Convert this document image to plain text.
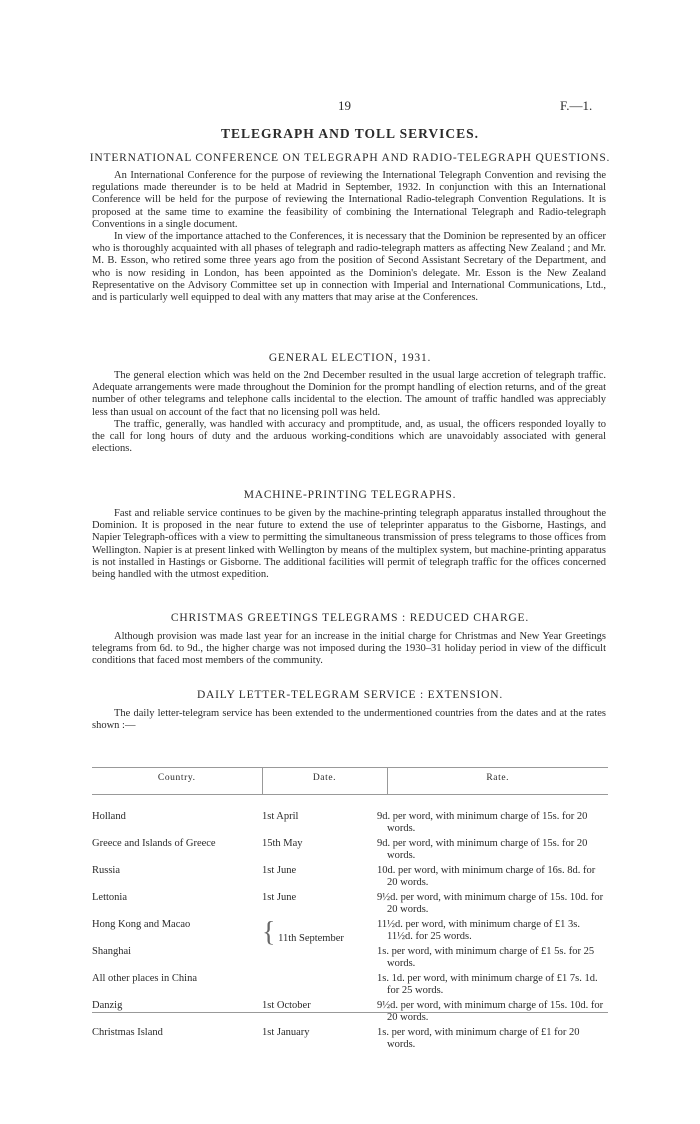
19	F.—1.
TELEGRAPH AND TOLL SERVICES.
INTERNATIONAL CONFERENCE ON TELEGRAPH AND RADIO-TELEGRAPH QUESTIONS.

An International Conference for the purpose of reviewing the International Telegraph Convention and revising the regulations made thereunder is to be held at Madrid in September, 1932. In conjunction with this an International Conference will be held for the purpose of reviewing the International Radio-telegraph Convention Regulations. It is proposed at the same time to examine the feasibility of combining the International Telegraph and Radio-telegraph Conventions in a single document.

In view of the importance attached to the Conferences, it is necessary that the Dominion be represented by an officer who is thoroughly acquainted with all phases of telegraph and radio-telegraph matters as affecting New Zealand ; and Mr. M. B. Esson, who retired some three years ago from the position of Second Assistant Secretary of the Department, and who is now residing in London, has been appointed as the Dominion's delegate. Mr. Esson is the New Zealand Representative on the Advisory Committee set up in connection with Imperial and International Communications, Ltd., and is particularly well equipped to deal with any matters that may arise at the Conferences.

GENERAL ELECTION, 1931.

The general election which was held on the 2nd December resulted in the usual large accretion of telegraph traffic. Adequate arrangements were made throughout the Dominion for the prompt handling of election returns, and of the great number of other telegrams and telephone calls incidental to the election. The amount of traffic handled was appreciably less than usual on account of the fact that no licensing poll was held.

The traffic, generally, was handled with accuracy and promptitude, and, as usual, the officers responded loyally to the call for long hours of duty and the arduous working-conditions which are unavoidably associated with general elections.

MACHINE-PRINTING TELEGRAPHS.

Fast and reliable service continues to be given by the machine-printing telegraph apparatus installed throughout the Dominion. It is proposed in the near future to extend the use of teleprinter apparatus to the Gisborne, Hastings, and Napier Telegraph-offices with a view to permitting the simultaneous transmission of press telegrams to those offices from Wellington. Napier is at present linked with Wellington by means of the multiplex system, but machine-printing apparatus is not installed in Hastings or Gisborne. The additional facilities will permit of telegraph traffic for the offices concerned being handled with the utmost expedition.

CHRISTMAS GREETINGS TELEGRAMS : REDUCED CHARGE.

Although provision was made last year for an increase in the initial charge for Christmas and New Year Greetings telegrams from 6d. to 9d., the higher charge was not imposed during the 1930–31 holiday period in view of the difficult conditions that faced most members of the community.

DAILY LETTER-TELEGRAM SERVICE : EXTENSION.

The daily letter-telegram service has been extended to the undermentioned countries from the dates and at the rates shown :—

Country.	Date.	Rate.

Holland	1st April	9d. per word, with minimum charge of 15s. for 20 words.
Greece and Islands of Greece	15th May	9d. per word, with minimum charge of 15s. for 20 words.
Russia	1st June	10d. per word, with minimum charge of 16s. 8d. for 20 words.
Lettonia	1st June	9½d. per word, with minimum charge of 15s. 10d. for 20 words.
Hong Kong and Macao	{ 11th September	11½d. per word, with minimum charge of £1 3s. 11½d. for 25 words.
Shanghai		1s. per word, with minimum charge of £1 5s. for 25 words.
All other places in China		1s. 1d. per word, with minimum charge of £1 7s. 1d. for 25 words.
Danzig	1st October	9½d. per word, with minimum charge of 15s. 10d. for 20 words.
Christmas Island	1st January	1s. per word, with minimum charge of £1 for 20 words.
